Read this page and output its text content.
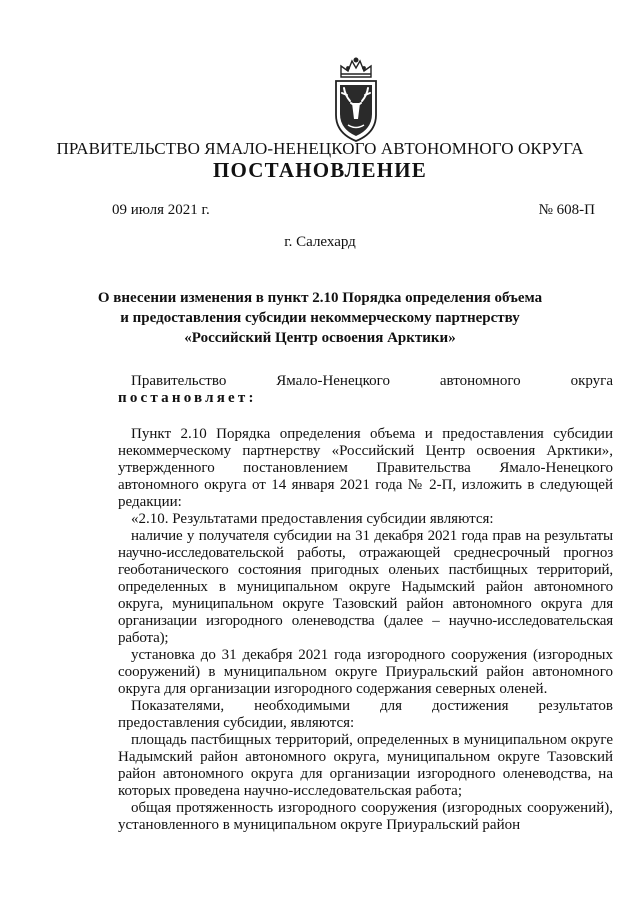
ПРАВИТЕЛЬСТВО ЯМАЛО-НЕНЕЦКОГО АВТОНОМНОГО ОКРУГА
ПОСТАНОВЛЕНИЕ
09 июля 2021 г.	№ 608-П
г. Салехард
О внесении изменения в пункт 2.10 Порядка определения объема
и предоставления субсидии некоммерческому партнерству
«Российский Центр освоения Арктики»
Правительство	Ямало-Ненецкого	автономного	округа
постановляет:

Пункт 2.10 Порядка определения объема и предоставления субсидии некоммерческому партнерству «Российский Центр освоения Арктики», утвержденного постановлением Правительства Ямало-Ненецкого автономного округа от 14 января 2021 года № 2-П, изложить в следующей редакции:

«2.10. Результатами предоставления субсидии являются:

наличие у получателя субсидии на 31 декабря 2021 года прав на результаты научно-исследовательской работы, отражающей среднесрочный прогноз геоботанического состояния пригодных оленьих пастбищных территорий, определенных в муниципальном округе Надымский район автономного округа, муниципальном округе Тазовский район автономного округа для организации изгородного оленеводства (далее – научно-исследовательская работа);

установка до 31 декабря 2021 года изгородного сооружения (изгородных сооружений) в муниципальном округе Приуральский район автономного округа для организации изгородного содержания северных оленей.

Показателями, необходимыми для достижения результатов предоставления субсидии, являются:

площадь пастбищных территорий, определенных в муниципальном округе Надымский район автономного округа, муниципальном округе Тазовский район автономного округа для организации изгородного оленеводства, на которых проведена научно-исследовательская работа;

общая протяженность изгородного сооружения (изгородных сооружений), установленного в муниципальном округе Приуральский район
